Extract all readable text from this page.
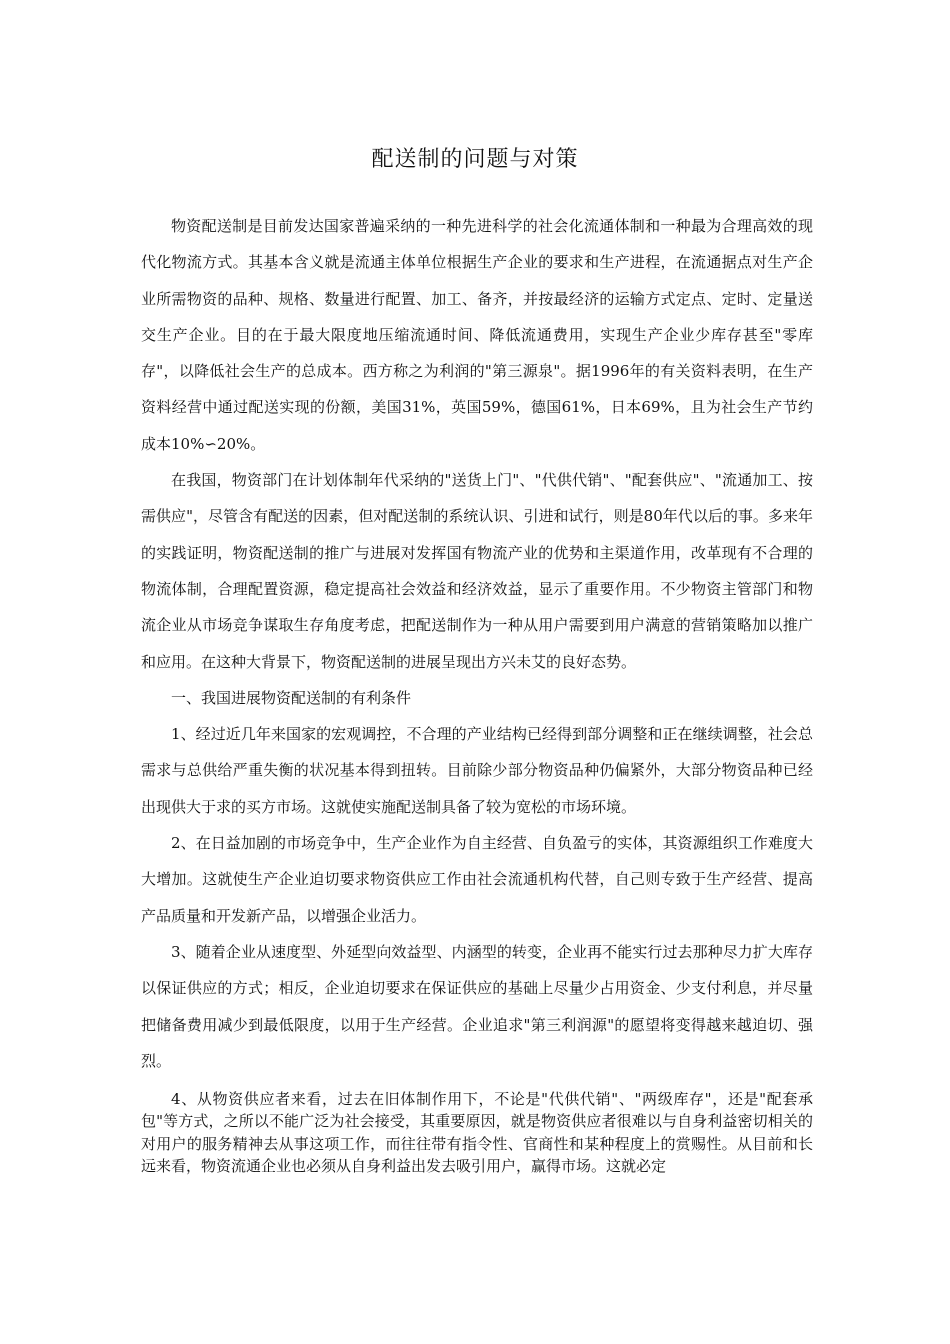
配送制的问题与对策

物资配送制是目前发达国家普遍采纳的一种先进科学的社会化流通体制和一种最为合理高效的现代化物流方式。其基本含义就是流通主体单位根据生产企业的要求和生产进程，在流通据点对生产企业所需物资的品种、规格、数量进行配置、加工、备齐，并按最经济的运输方式定点、定时、定量送交生产企业。目的在于最大限度地压缩流通时间、降低流通费用，实现生产企业少库存甚至"零库存"，以降低社会生产的总成本。西方称之为利润的"第三源泉"。据1996年的有关资料表明，在生产资料经营中通过配送实现的份额，美国31%，英国59%，德国61%，日本69%，且为社会生产节约成本10%∽20%。

在我国，物资部门在计划体制年代采纳的"送货上门"、"代供代销"、"配套供应"、"流通加工、按需供应"，尽管含有配送的因素，但对配送制的系统认识、引进和试行，则是80年代以后的事。多来年的实践证明，物资配送制的推广与进展对发挥国有物流产业的优势和主渠道作用，改革现有不合理的物流体制，合理配置资源，稳定提高社会效益和经济效益，显示了重要作用。不少物资主管部门和物流企业从市场竞争谋取生存角度考虑，把配送制作为一种从用户需要到用户满意的营销策略加以推广和应用。在这种大背景下，物资配送制的进展呈现出方兴未艾的良好态势。

一、我国进展物资配送制的有利条件

1、经过近几年来国家的宏观调控，不合理的产业结构已经得到部分调整和正在继续调整，社会总需求与总供给严重失衡的状况基本得到扭转。目前除少部分物资品种仍偏紧外，大部分物资品种已经出现供大于求的买方市场。这就使实施配送制具备了较为宽松的市场环境。

2、在日益加剧的市场竞争中，生产企业作为自主经营、自负盈亏的实体，其资源组织工作难度大大增加。这就使生产企业迫切要求物资供应工作由社会流通机构代替，自己则专致于生产经营、提高产品质量和开发新产品，以增强企业活力。

3、随着企业从速度型、外延型向效益型、内涵型的转变，企业再不能实行过去那种尽力扩大库存以保证供应的方式；相反，企业迫切要求在保证供应的基础上尽量少占用资金、少支付利息，并尽量把储备费用减少到最低限度，以用于生产经营。企业追求"第三利润源"的愿望将变得越来越迫切、强烈。

4、从物资供应者来看，过去在旧体制作用下，不论是"代供代销"、"两级库存"，还是"配套承包"等方式，之所以不能广泛为社会接受，其重要原因，就是物资供应者很难以与自身利益密切相关的对用户的服务精神去从事这项工作，而往往带有指令性、官商性和某种程度上的赏赐性。从目前和长远来看，物资流通企业也必须从自身利益出发去吸引用户，赢得市场。这就必定
